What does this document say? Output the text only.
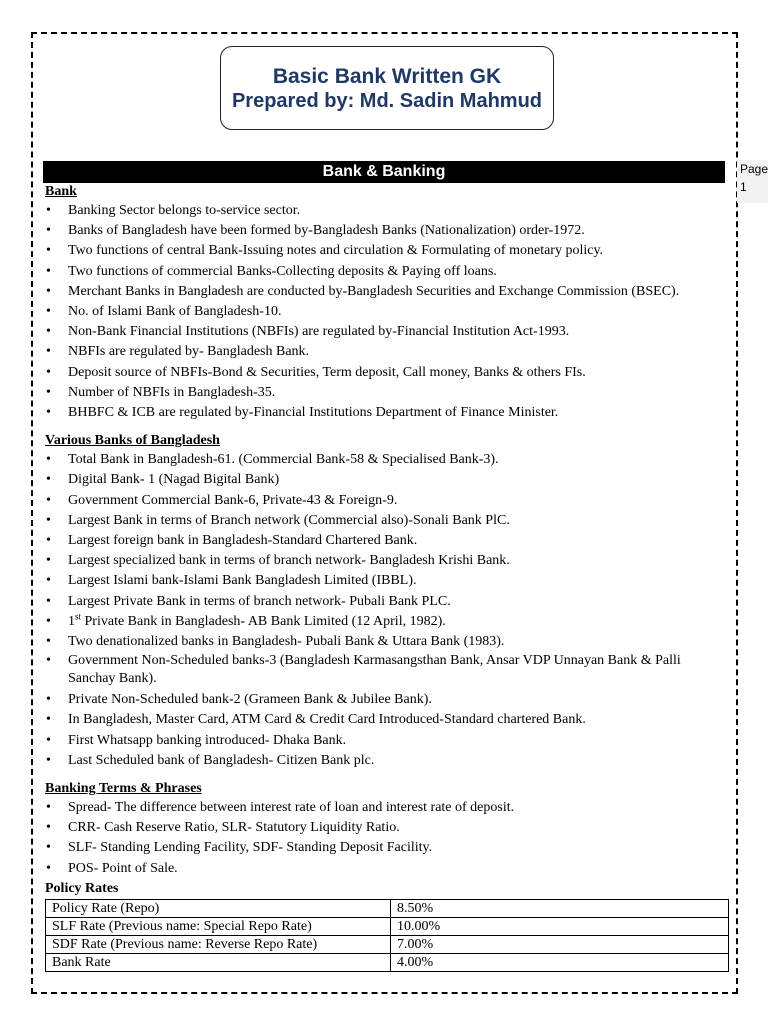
Basic Bank Written GK
Prepared by: Md. Sadin Mahmud
Bank & Banking	Page
1
Bank
• Banking Sector belongs to-service sector.
• Banks of Bangladesh have been formed by-Bangladesh Banks (Nationalization) order-1972.
• Two functions of central Bank-Issuing notes and circulation & Formulating of monetary policy.
• Two functions of commercial Banks-Collecting deposits & Paying off loans.
• Merchant Banks in Bangladesh are conducted by-Bangladesh Securities and Exchange Commission (BSEC).
• No. of Islami Bank of Bangladesh-10.
• Non-Bank Financial Institutions (NBFIs) are regulated by-Financial Institution Act-1993.
• NBFIs are regulated by- Bangladesh Bank.
• Deposit source of NBFIs-Bond & Securities, Term deposit, Call money, Banks & others FIs.
• Number of NBFIs in Bangladesh-35.
• BHBFC & ICB are regulated by-Financial Institutions Department of Finance Minister.
Various Banks of Bangladesh
• Total Bank in Bangladesh-61. (Commercial Bank-58 & Specialised Bank-3).
• Digital Bank- 1 (Nagad Bigital Bank)
• Government Commercial Bank-6, Private-43 & Foreign-9.
• Largest Bank in terms of Branch network (Commercial also)-Sonali Bank PlC.
• Largest foreign bank in Bangladesh-Standard Chartered Bank.
• Largest specialized bank in terms of branch network- Bangladesh Krishi Bank.
• Largest Islami bank-Islami Bank Bangladesh Limited (IBBL).
• Largest Private Bank in terms of branch network- Pubali Bank PLC.
• 1st Private Bank in Bangladesh- AB Bank Limited (12 April, 1982).
• Two denationalized banks in Bangladesh- Pubali Bank & Uttara Bank (1983).
• Government Non-Scheduled banks-3 (Bangladesh Karmasangsthan Bank, Ansar VDP Unnayan Bank & Palli Sanchay Bank).
• Private Non-Scheduled bank-2 (Grameen Bank & Jubilee Bank).
• In Bangladesh, Master Card, ATM Card & Credit Card Introduced-Standard chartered Bank.
• First Whatsapp banking introduced- Dhaka Bank.
• Last Scheduled bank of Bangladesh- Citizen Bank plc.
Banking Terms & Phrases
• Spread- The difference between interest rate of loan and interest rate of deposit.
• CRR- Cash Reserve Ratio, SLR- Statutory Liquidity Ratio.
• SLF- Standing Lending Facility, SDF- Standing Deposit Facility.
• POS- Point of Sale.
Policy Rates
Policy Rate (Repo)	8.50%
SLF Rate (Previous name: Special Repo Rate)	10.00%
SDF Rate (Previous name: Reverse Repo Rate)	7.00%
Bank Rate	4.00%
